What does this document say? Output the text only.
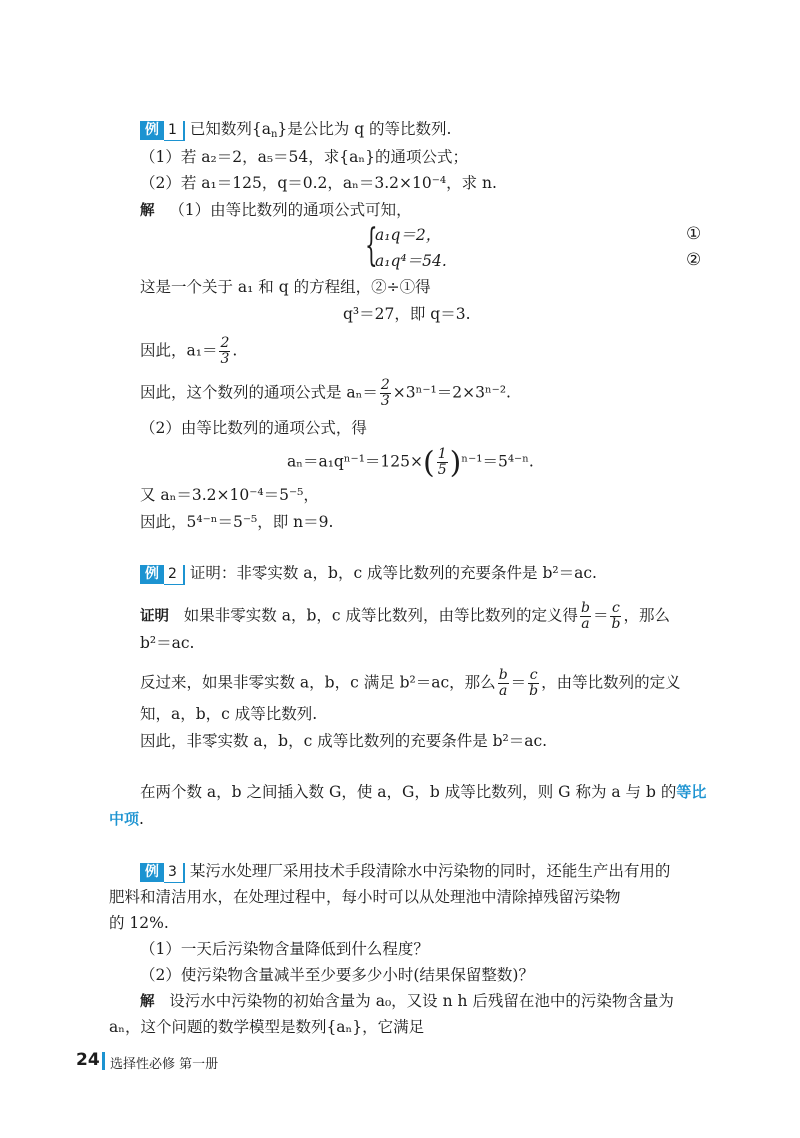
例 1 已知数列{an}是公比为 q 的等比数列.
（1）若 a₂＝2，a₅＝54，求{aₙ}的通项公式；
（2）若 a₁＝125，q＝0.2，aₙ＝3.2×10⁻⁴，求 n.
解 （1）由等比数列的通项公式可知，
{
a₁q＝2，
a₁q⁴＝54.
①
②
这是一个关于 a₁ 和 q 的方程组，②÷①得
q³＝27，即 q＝3.
因此，$a_1= \frac{2}{3}$ .
因此，这个数列的通项公式是 $a_n= \frac{2}{3} \times 3^{n-1}=2\times 3^{n-2}$.
（2）由等比数列的通项公式，得
$a_n=a_1q^{n-1}=125\times( \frac{1}{5} )^{n-1}=5^{4-n}$.
又 aₙ＝3.2×10⁻⁴＝5⁻⁵，
因此，5⁴⁻ⁿ＝5⁻⁵，即 n＝9.
例 2 证明：非零实数 a，b，c 成等比数列的充要条件是 b²＝ac.
证明 如果非零实数 a，b，c 成等比数列，由等比数列的定义得 $\frac{b}{a} = \frac{c}{b}$ ，那么
b²＝ac.
反过来，如果非零实数 a，b，c 满足 b²＝ac，那么 $\frac{b}{a} = \frac{c}{b}$ ，由等比数列的定义
知，a，b，c 成等比数列.
因此，非零实数 a，b，c 成等比数列的充要条件是 b²＝ac.
在两个数 a，b 之间插入数 G，使 a，G，b 成等比数列，则 G 称为 a 与 b 的等比
中项.
例 3 某污水处理厂采用技术手段清除水中污染物的同时，还能生产出有用的
肥料和清洁用水，在处理过程中，每小时可以从处理池中清除掉残留污染物
的 12%.
（1）一天后污染物含量降低到什么程度？
（2）使污染物含量减半至少要多少小时(结果保留整数)？
解 设污水中污染物的初始含量为 a₀，又设 n h 后残留在池中的污染物含量为
aₙ，这个问题的数学模型是数列{aₙ}，它满足
24 选择性必修 第一册
